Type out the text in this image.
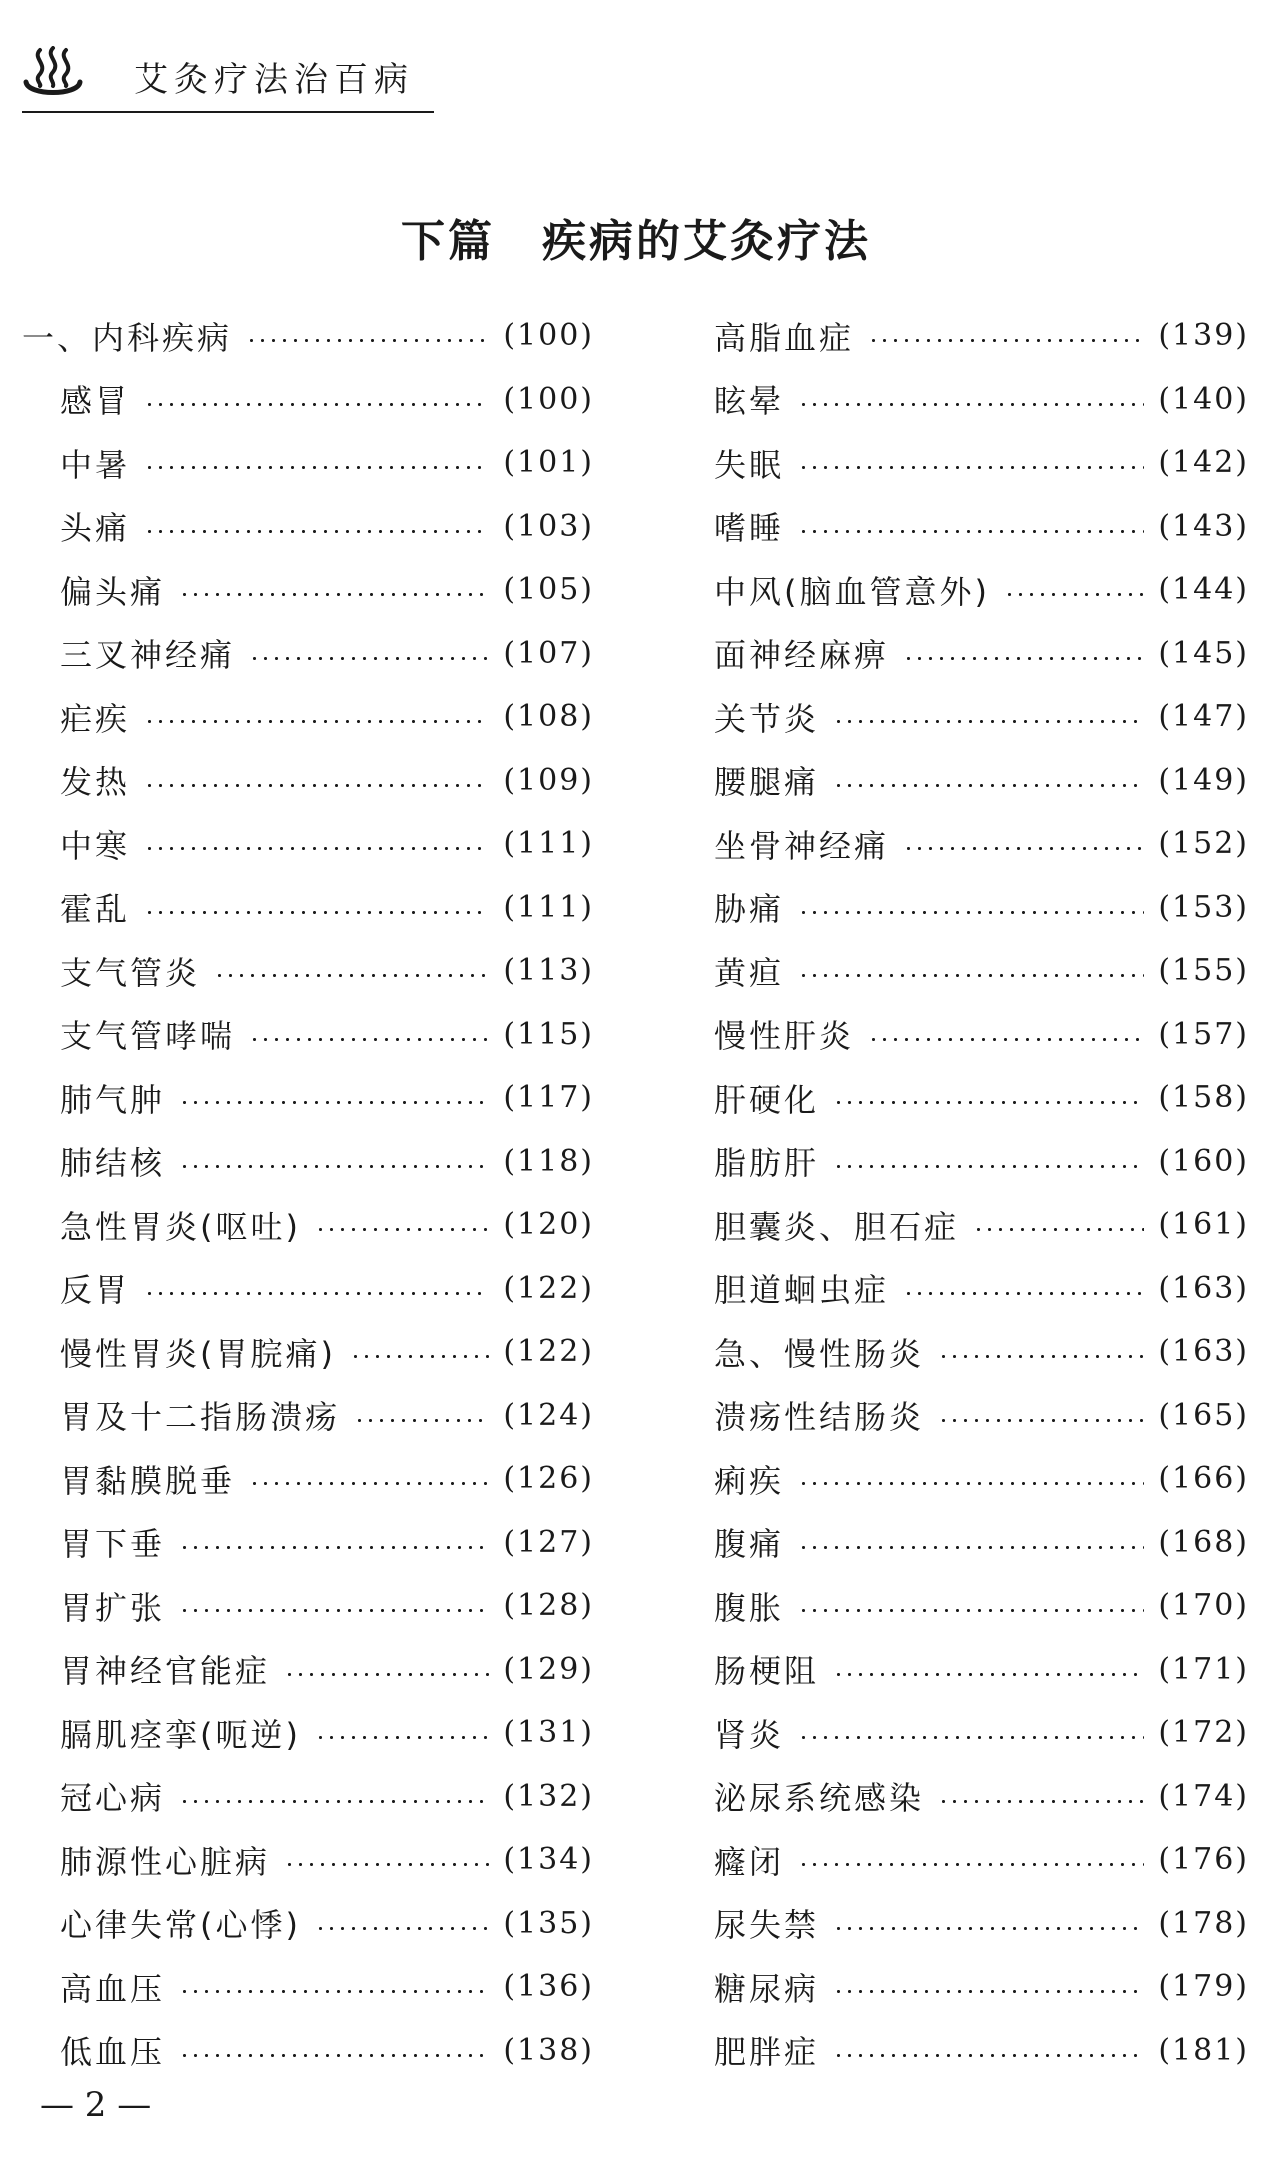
艾灸疗法治百病
下篇　疾病的艾灸疗法
一、内科疾病	(100)
感冒	(100)
中暑	(101)
头痛	(103)
偏头痛	(105)
三叉神经痛	(107)
疟疾	(108)
发热	(109)
中寒	(111)
霍乱	(111)
支气管炎	(113)
支气管哮喘	(115)
肺气肿	(117)
肺结核	(118)
急性胃炎(呕吐)	(120)
反胃	(122)
慢性胃炎(胃脘痛)	(122)
胃及十二指肠溃疡	(124)
胃黏膜脱垂	(126)
胃下垂	(127)
胃扩张	(128)
胃神经官能症	(129)
膈肌痉挛(呃逆)	(131)
冠心病	(132)
肺源性心脏病	(134)
心律失常(心悸)	(135)
高血压	(136)
低血压	(138)
高脂血症	(139)
眩晕	(140)
失眠	(142)
嗜睡	(143)
中风(脑血管意外)	(144)
面神经麻痹	(145)
关节炎	(147)
腰腿痛	(149)
坐骨神经痛	(152)
胁痛	(153)
黄疸	(155)
慢性肝炎	(157)
肝硬化	(158)
脂肪肝	(160)
胆囊炎、胆石症	(161)
胆道蛔虫症	(163)
急、慢性肠炎	(163)
溃疡性结肠炎	(165)
痢疾	(166)
腹痛	(168)
腹胀	(170)
肠梗阻	(171)
肾炎	(172)
泌尿系统感染	(174)
癃闭	(176)
尿失禁	(178)
糖尿病	(179)
肥胖症	(181)
— 2 —
